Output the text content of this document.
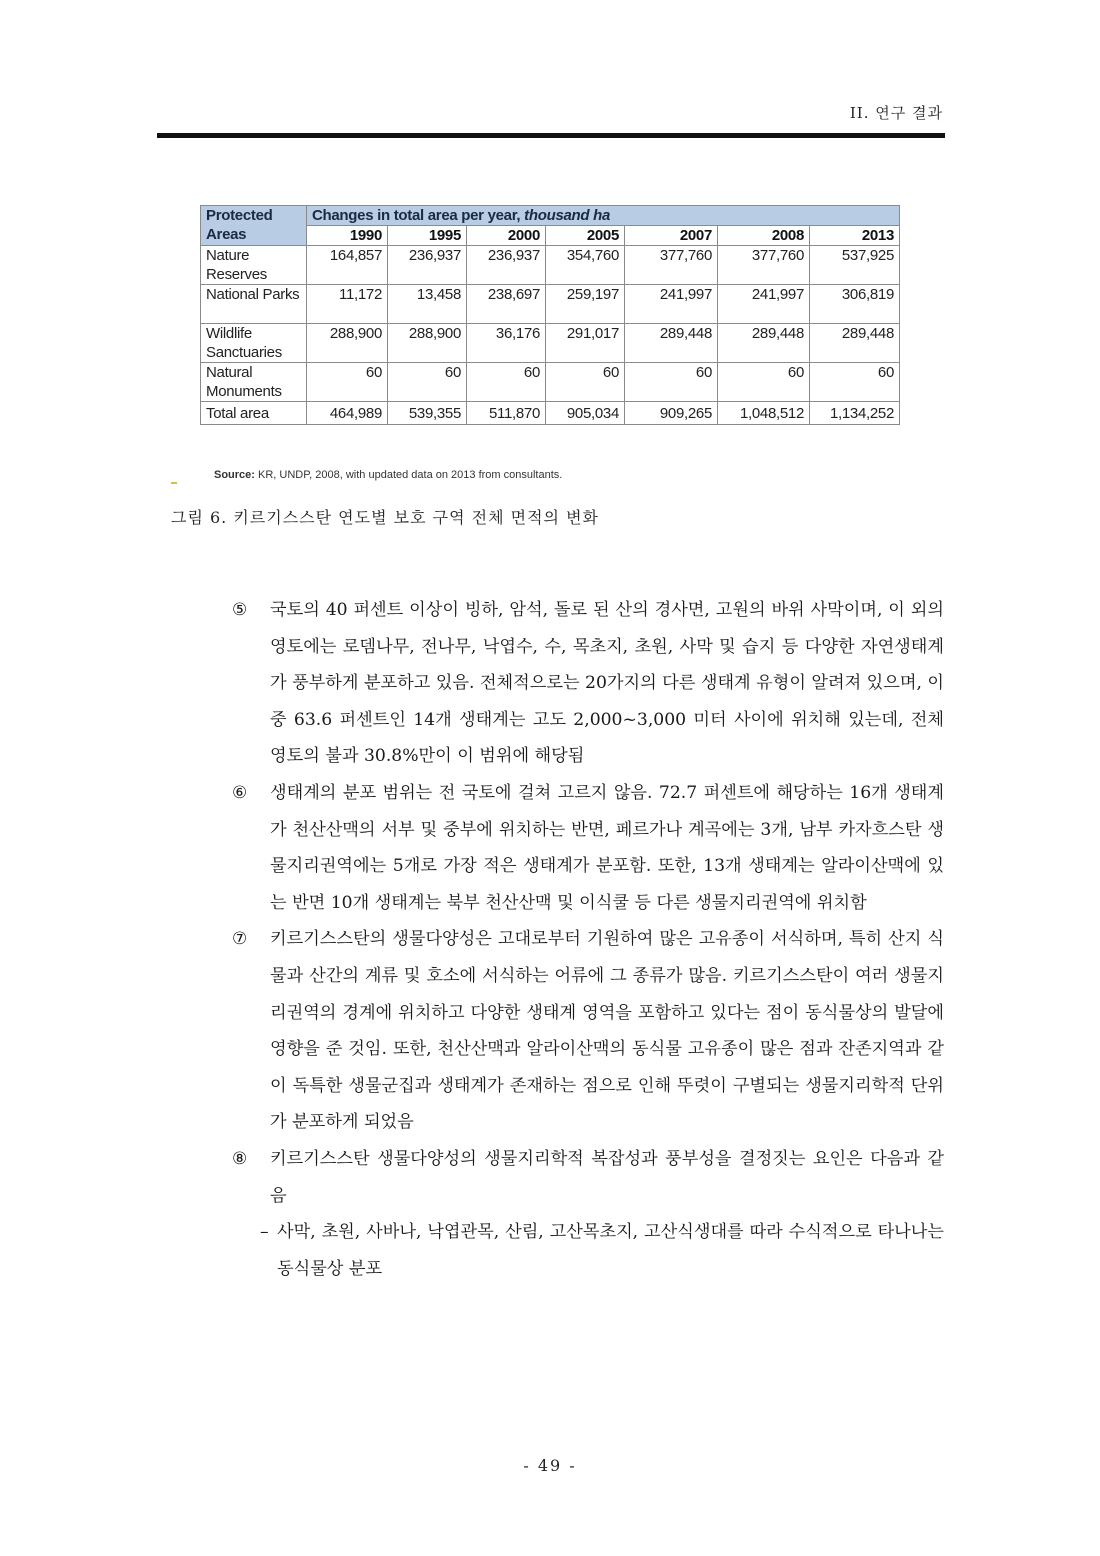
II. 연구 결과
Protected Areas	Changes in total area per year, thousand ha						
	1990	1995	2000	2005	2007	2008	2013
Nature Reserves	164,857	236,937	236,937	354,760	377,760	377,760	537,925
National Parks	11,172	13,458	238,697	259,197	241,997	241,997	306,819
Wildlife Sanctuaries	288,900	288,900	36,176	291,017	289,448	289,448	289,448
Natural Monuments	60	60	60	60	60	60	60
Total area	464,989	539,355	511,870	905,034	909,265	1,048,512	1,134,252
Source: KR, UNDP, 2008, with updated data on 2013 from consultants.
그림 6. 키르기스스탄 연도별 보호 구역 전체 면적의 변화
⑤ 국토의 40 퍼센트 이상이 빙하, 암석, 돌로 된 산의 경사면, 고원의 바위 사막이며, 이 외의 영토에는 로뎀나무, 전나무, 낙엽수, 수, 목초지, 초원, 사막 및 습지 등 다양한 자연생태계가 풍부하게 분포하고 있음. 전체적으로는 20가지의 다른 생태계 유형이 알려져 있으며, 이 중 63.6 퍼센트인 14개 생태계는 고도 2,000~3,000 미터 사이에 위치해 있는데, 전체 영토의 불과 30.8%만이 이 범위에 해당됨
⑥ 생태계의 분포 범위는 전 국토에 걸쳐 고르지 않음. 72.7 퍼센트에 해당하는 16개 생태계가 천산산맥의 서부 및 중부에 위치하는 반면, 페르가나 계곡에는 3개, 남부 카자흐스탄 생물지리권역에는 5개로 가장 적은 생태계가 분포함. 또한, 13개 생태계는 알라이산맥에 있는 반면 10개 생태계는 북부 천산산맥 및 이식쿨 등 다른 생물지리권역에 위치함
⑦ 키르기스스탄의 생물다양성은 고대로부터 기원하여 많은 고유종이 서식하며, 특히 산지 식물과 산간의 계류 및 호소에 서식하는 어류에 그 종류가 많음. 키르기스스탄이 여러 생물지리권역의 경계에 위치하고 다양한 생태계 영역을 포함하고 있다는 점이 동식물상의 발달에 영향을 준 것임. 또한, 천산산맥과 알라이산맥의 동식물 고유종이 많은 점과 잔존지역과 같이 독특한 생물군집과 생태계가 존재하는 점으로 인해 뚜렷이 구별되는 생물지리학적 단위가 분포하게 되었음
⑧ 키르기스스탄 생물다양성의 생물지리학적 복잡성과 풍부성을 결정짓는 요인은 다음과 같음
– 사막, 초원, 사바나, 낙엽관목, 산림, 고산목초지, 고산식생대를 따라 수식적으로 타나나는 동식물상 분포
- 49 -
